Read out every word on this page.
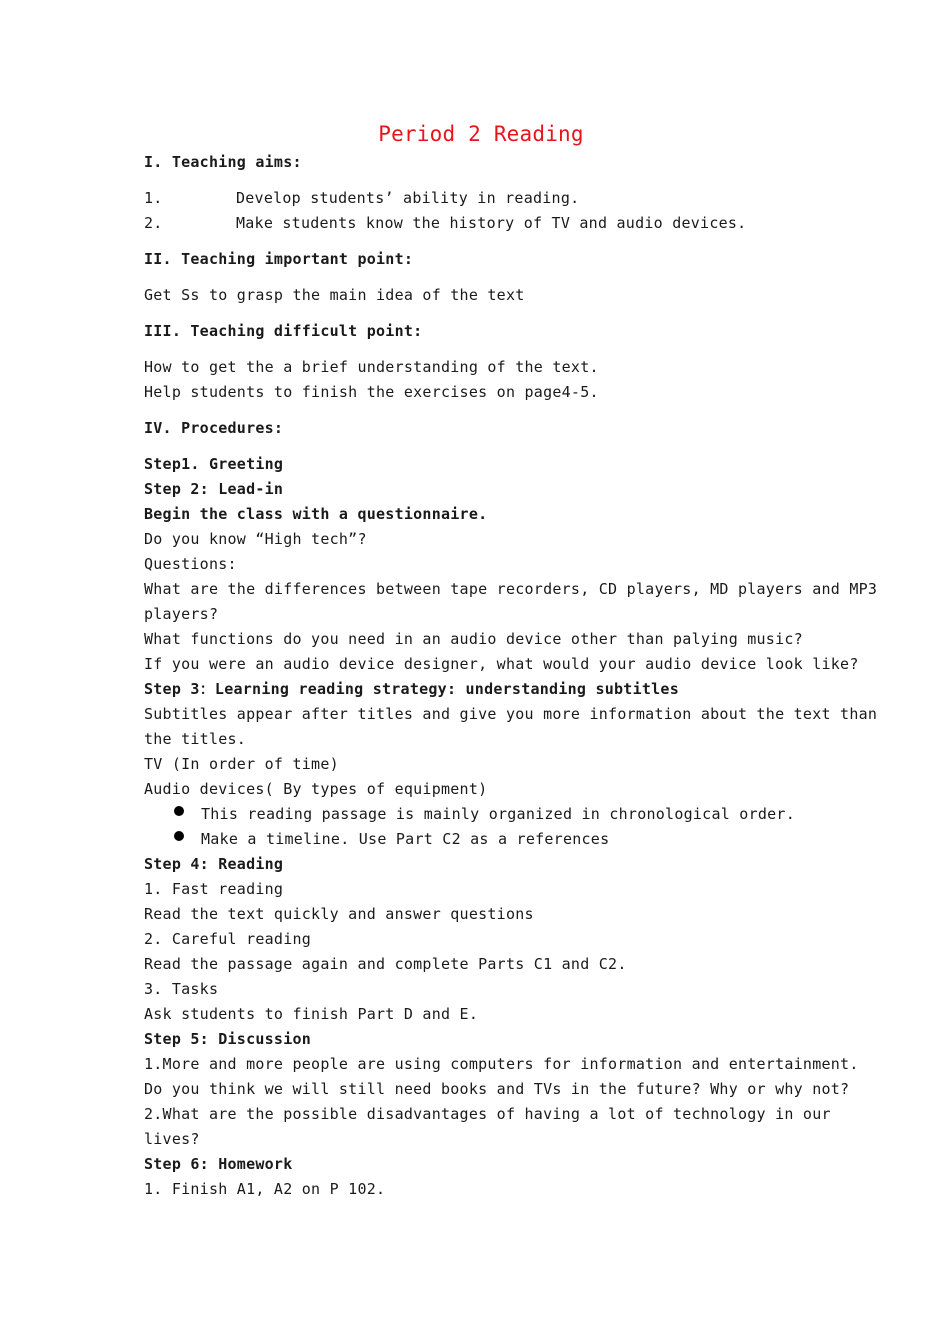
Period 2 Reading
I. Teaching aims:
1.	Develop students’ ability in reading.
2.	Make students know the history of TV and audio devices.
II. Teaching important point:
Get Ss to grasp the main idea of the text
III. Teaching difficult point:
How to get the a brief understanding of the text.
Help students to finish the exercises on page4-5.
IV. Procedures:
Step1. Greeting
Step 2: Lead-in
Begin the class with a questionnaire.
Do you know “High tech”?
Questions:
What are the differences between tape recorders, CD players, MD players and MP3
players?
What functions do you need in an audio device other than palying music?
If you were an audio device designer, what would your audio device look like?
Step 3：Learning reading strategy: understanding subtitles
Subtitles appear after titles and give you more information about the text than
the titles.
TV (In order of time)
Audio devices( By types of equipment)
This reading passage is mainly organized in chronological order.
Make a timeline. Use Part C2 as a references
Step 4: Reading
1. Fast reading
Read the text quickly and answer questions
2. Careful reading
Read the passage again and complete Parts C1 and C2.
3. Tasks
Ask students to finish Part D and E.
Step 5: Discussion
1.More and more people are using computers for information and entertainment.
Do you think we will still need books and TVs in the future? Why or why not?
2.What are the possible disadvantages of having a lot of technology in our
lives?
Step 6: Homework
1. Finish A1, A2 on P 102.
